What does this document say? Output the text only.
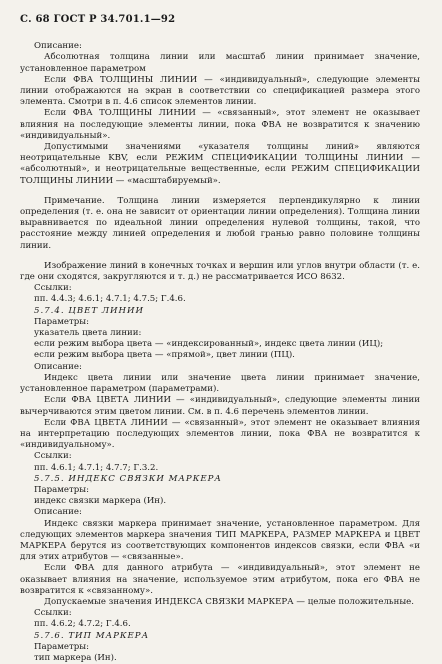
С. 68 ГОСТ Р 34.701.1—92
Описание:
Абсолютная толщина линии или масштаб линии принимает значение, установленное параметром
Если ФВА ТОЛЩИНЫ ЛИНИИ — «индивидуальный», следующие элементы линии отображаются на экран в соответствии со спецификацией размера этого элемента. Смотри в п. 4.6 список элементов линии.
Если ФВА ТОЛЩИНЫ ЛИНИИ — «связанный», этот элемент не оказывает влияния на последующие элементы линии, пока ФВА не возвратится к значению «индивидуальный».
Допустимыми значениями «указателя толщины линий» являются неотрицательные KBV, если РЕЖИМ СПЕЦИФИКАЦИИ ТОЛЩИНЫ ЛИНИИ — «абсолютный», и неотрицательные вещественные, если РЕЖИМ СПЕЦИФИКАЦИИ ТОЛЩИНЫ ЛИНИИ — «масштабируемый».
Примечание. Толщина линии измеряется перпендикулярно к линии определения (т. е. она не зависит от ориентации линии определения). Толщина линии выравнивается по идеальной линии определения нулевой толщины, такой, что расстояние между линией определения и любой гранью равно половине толщины линии.
Изображение линий в конечных точках и вершин или углов внутри области (т. е. где они сходятся, закругляются и т. д.) не рассматривается ИСО 8632.
Ссылки:
пп. 4.4.3; 4.6.1; 4.7.1; 4.7.5; Г.4.6.
5.7.4. ЦВЕТ ЛИНИИ
Параметры:
указатель цвета линии:
если режим выбора цвета — «индексированный», индекс цвета линии (ИЦ);
если режим выбора цвета — «прямой», цвет линии (ПЦ).
Описание:
Индекс цвета линии или значение цвета линии принимает значение, установленное параметром (параметрами).
Если ФВА ЦВЕТА ЛИНИИ — «индивидуальный», следующие элементы линии вычерчиваются этим цветом линии. См. в п. 4.6 перечень элементов линии.
Если ФВА ЦВЕТА ЛИНИИ — «связанный», этот элемент не оказывает влияния на интерпретацию последующих элементов линии, пока ФВА не возвратится к «индивидуальному».
Ссылки:
пп. 4.6.1; 4.7.1; 4.7.7; Г.3.2.
5.7.5. ИНДЕКС СВЯЗКИ МАРКЕРА
Параметры:
индекс связки маркера (Ин).
Описание:
Индекс связки маркера принимает значение, установленное параметром. Для следующих элементов маркера значения ТИП МАРКЕРА, РАЗМЕР МАРКЕРА и ЦВЕТ МАРКЕРА берутся из соответствующих компонентов индексов связки, если ФВА «и для этих атрибутов — «связанные».
Если ФВА для данного атрибута — «индивидуальный», этот элемент не оказывает влияния на значение, используемое этим атрибутом, пока его ФВА не возвратится к «связанному».
Допускаемые значения ИНДЕКСА СВЯЗКИ МАРКЕРА — целые положительные.
Ссылки:
пп. 4.6.2; 4.7.2; Г.4.6.
5.7.6. ТИП МАРКЕРА
Параметры:
тип маркера (Ин).
